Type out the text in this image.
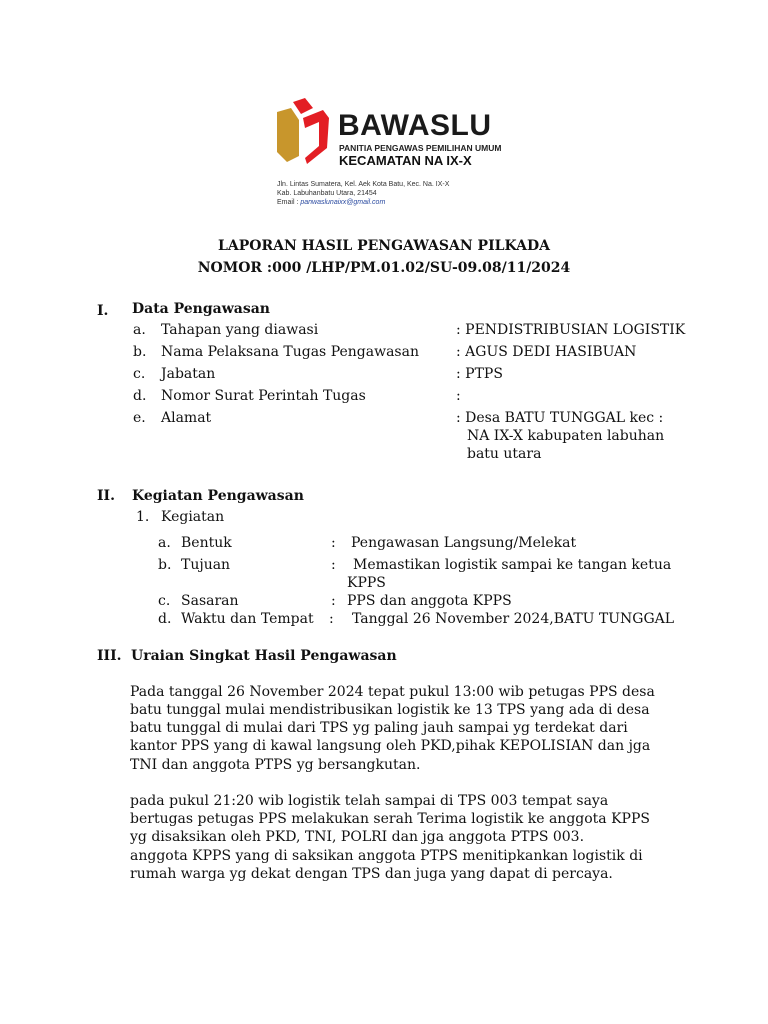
BAWASLU
PANITIA PENGAWAS PEMILIHAN UMUM
KECAMATAN NA IX-X
Jln. Lintas Sumatera, Kel. Aek Kota Batu, Kec. Na. IX-X
Kab. Labuhanbatu Utara, 21454
Email : panwaslunaixx@gmail.com
LAPORAN HASIL PENGAWASAN PILKADA
NOMOR :000 /LHP/PM.01.02/SU-09.08/11/2024
I. Data Pengawasan
a. Tahapan yang diawasi	: PENDISTRIBUSIAN LOGISTIK
b. Nama Pelaksana Tugas Pengawasan	: AGUS DEDI HASIBUAN
c. Jabatan	: PTPS
d. Nomor Surat Perintah Tugas	:
e. Alamat	: Desa BATU TUNGGAL kec :
NA IX-X kabupaten labuhan
batu utara
II. Kegiatan Pengawasan
1. Kegiatan
a. Bentuk	: Pengawasan Langsung/Melekat
b. Tujuan	: Memastikan logistik sampai ke tangan ketua
KPPS
c. Sasaran	: PPS dan anggota KPPS
d. Waktu dan Tempat : Tanggal 26 November 2024,BATU TUNGGAL
III. Uraian Singkat Hasil Pengawasan
Pada tanggal 26 November 2024 tepat pukul 13:00 wib petugas PPS desa
batu tunggal mulai mendistribusikan logistik ke 13 TPS yang ada di desa
batu tunggal di mulai dari TPS yg paling jauh sampai yg terdekat dari
kantor PPS yang di kawal langsung oleh PKD,pihak KEPOLISIAN dan jga
TNI dan anggota PTPS yg bersangkutan.
pada pukul 21:20 wib logistik telah sampai di TPS 003 tempat saya
bertugas petugas PPS melakukan serah Terima logistik ke anggota KPPS
yg disaksikan oleh PKD, TNI, POLRI dan jga anggota PTPS 003.
anggota KPPS yang di saksikan anggota PTPS menitipkankan logistik di
rumah warga yg dekat dengan TPS dan juga yang dapat di percaya.
